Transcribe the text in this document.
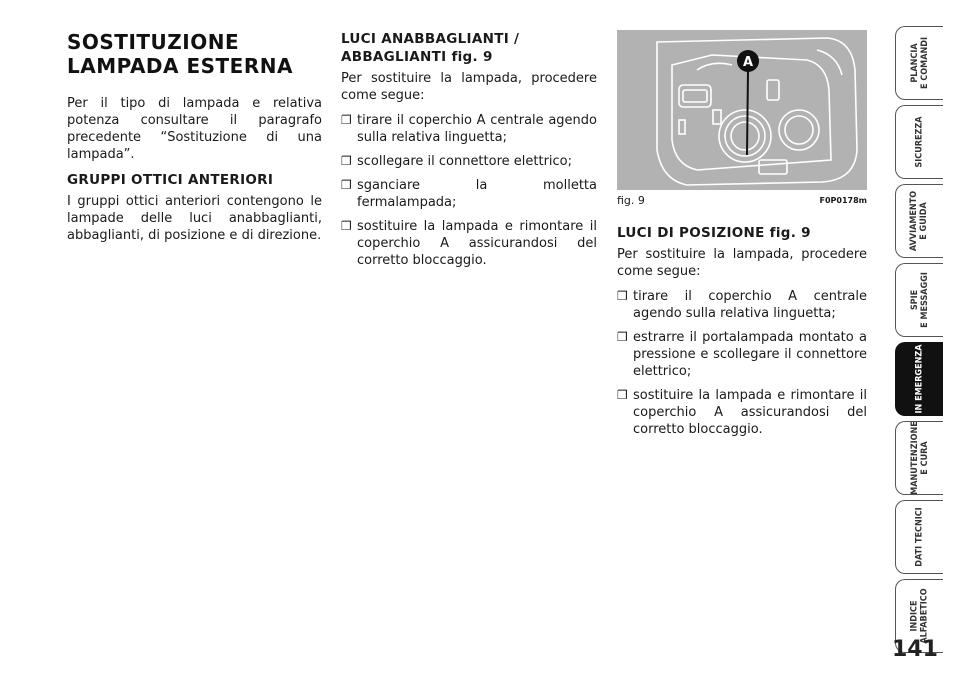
SOSTITUZIONE
LAMPADA ESTERNA

Per il tipo di lampada e relativa potenza consultare il paragrafo precedente “Sostituzione di una lampada”.

GRUPPI OTTICI ANTERIORI

I gruppi ottici anteriori contengono le lampade delle luci anabbaglianti, abbaglianti, di posizione e di direzione.

LUCI ANABBAGLIANTI /
ABBAGLIANTI fig. 9

Per sostituire la lampada, procedere come segue:

❒ tirare il coperchio A centrale agendo sulla relativa linguetta;
❒ scollegare il connettore elettrico;
❒ sganciare la molletta fermalampada;
❒ sostituire la lampada e rimontare il coperchio A assicurandosi del corretto bloccaggio.
A
fig. 9	F0P0178m
LUCI DI POSIZIONE fig. 9

Per sostituire la lampada, procedere come segue:

❒ tirare il coperchio A centrale agendo sulla relativa linguetta;
❒ estrarre il portalampada montato a pressione e scollegare il connettore elettrico;
❒ sostituire la lampada e rimontare il coperchio A assicurandosi del corretto bloccaggio.
PLANCIA
E COMANDI
SICUREZZA
AVVIAMENTO
E GUIDA
SPIE
E MESSAGGI
IN EMERGENZA
MANUTENZIONE
E CURA
DATI TECNICI
INDICE
ALFABETICO
141
